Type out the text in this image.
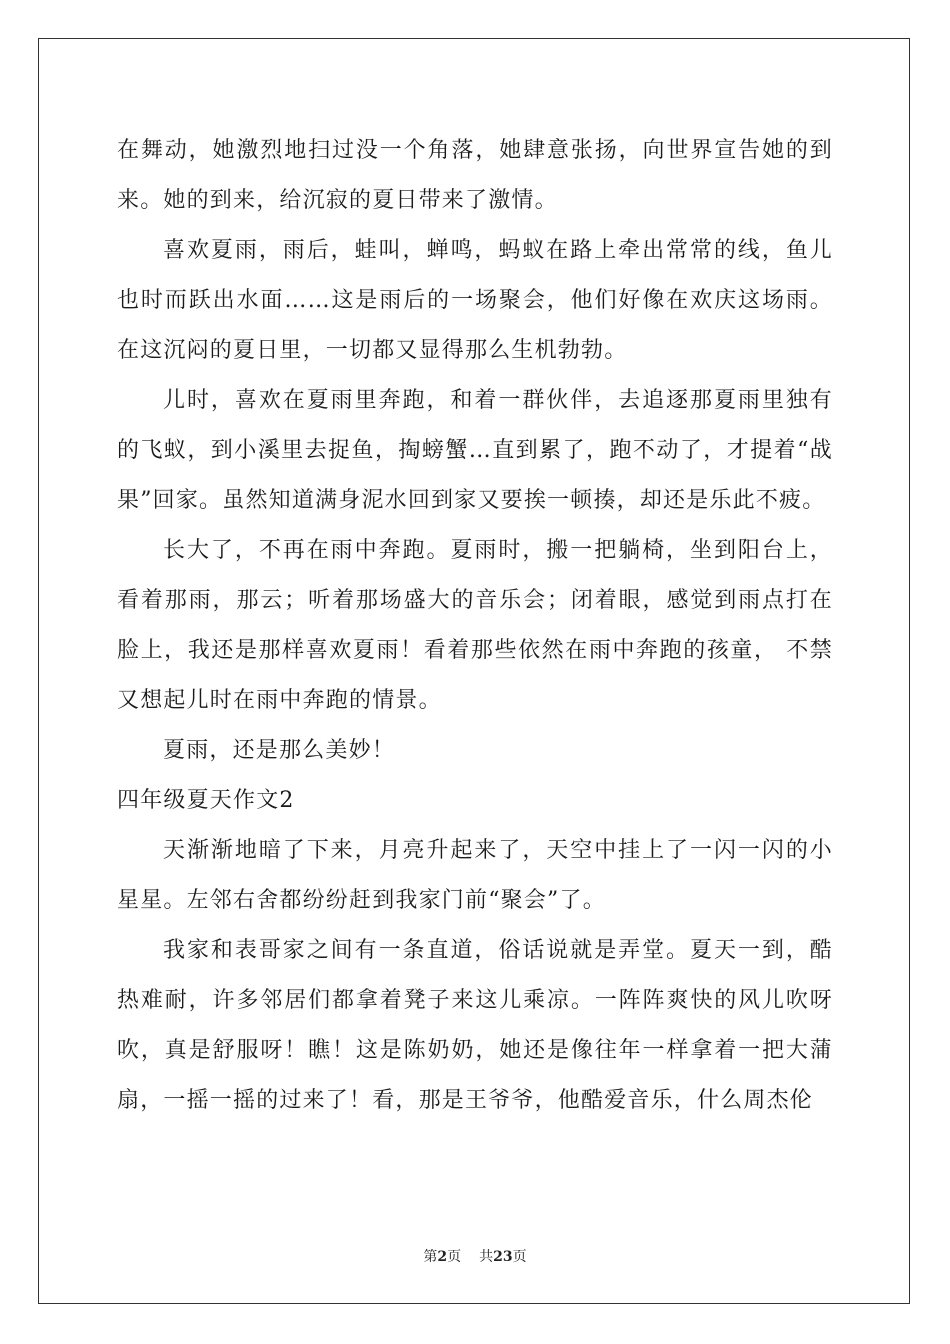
在舞动，她激烈地扫过没一个角落，她肆意张扬，向世界宣告她的到来。她的到来，给沉寂的夏日带来了激情。

喜欢夏雨，雨后，蛙叫，蝉鸣，蚂蚁在路上牵出常常的线，鱼儿也时而跃出水面……这是雨后的一场聚会，他们好像在欢庆这场雨。在这沉闷的夏日里，一切都又显得那么生机勃勃。

儿时，喜欢在夏雨里奔跑，和着一群伙伴，去追逐那夏雨里独有的飞蚁，到小溪里去捉鱼，掏螃蟹…直到累了，跑不动了，才提着“战果”回家。虽然知道满身泥水回到家又要挨一顿揍，却还是乐此不疲。

长大了，不再在雨中奔跑。夏雨时，搬一把躺椅，坐到阳台上，看着那雨，那云；听着那场盛大的音乐会；闭着眼，感觉到雨点打在脸上，我还是那样喜欢夏雨！看着那些依然在雨中奔跑的孩童， 不禁又想起儿时在雨中奔跑的情景。

夏雨，还是那么美妙！

四年级夏天作文2

天渐渐地暗了下来，月亮升起来了，天空中挂上了一闪一闪的小星星。左邻右舍都纷纷赶到我家门前“聚会”了。

我家和表哥家之间有一条直道，俗话说就是弄堂。夏天一到，酷热难耐，许多邻居们都拿着凳子来这儿乘凉。一阵阵爽快的风儿吹呀吹，真是舒服呀！瞧！这是陈奶奶，她还是像往年一样拿着一把大蒲扇，一摇一摇的过来了！看，那是王爷爷，他酷爱音乐，什么周杰伦

第2页 共23页
